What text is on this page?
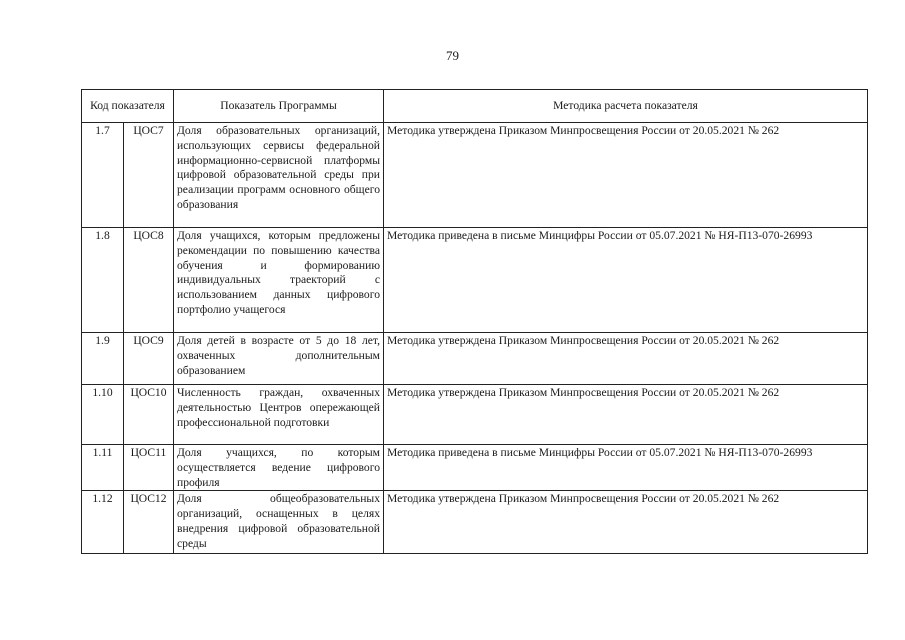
79
Код показателя		Показатель Программы	Методика расчета показателя
1.7	ЦОС7	Доля образовательных организаций, использующих сервисы федеральной информационно-сервисной платформы цифровой образовательной среды при реализации программ основного общего образования	Методика утверждена Приказом Минпросвещения России от 20.05.2021 № 262
1.8	ЦОС8	Доля учащихся, которым предложены рекомендации по повышению качества обучения и формированию индивидуальных траекторий с использованием данных цифрового портфолио учащегося	Методика приведена в письме Минцифры России от 05.07.2021 № НЯ-П13-070-26993
1.9	ЦОС9	Доля детей в возрасте от 5 до 18 лет, охваченных дополнительным образованием	Методика утверждена Приказом Минпросвещения России от 20.05.2021 № 262
1.10	ЦОС10	Численность граждан, охваченных деятельностью Центров опережающей профессиональной подготовки	Методика утверждена Приказом Минпросвещения России от 20.05.2021 № 262
1.11	ЦОС11	Доля учащихся, по которым осуществляется ведение цифрового профиля	Методика приведена в письме Минцифры России от 05.07.2021 № НЯ-П13-070-26993
1.12	ЦОС12	Доля общеобразовательных организаций, оснащенных в целях внедрения цифровой образовательной среды	Методика утверждена Приказом Минпросвещения России от 20.05.2021 № 262
